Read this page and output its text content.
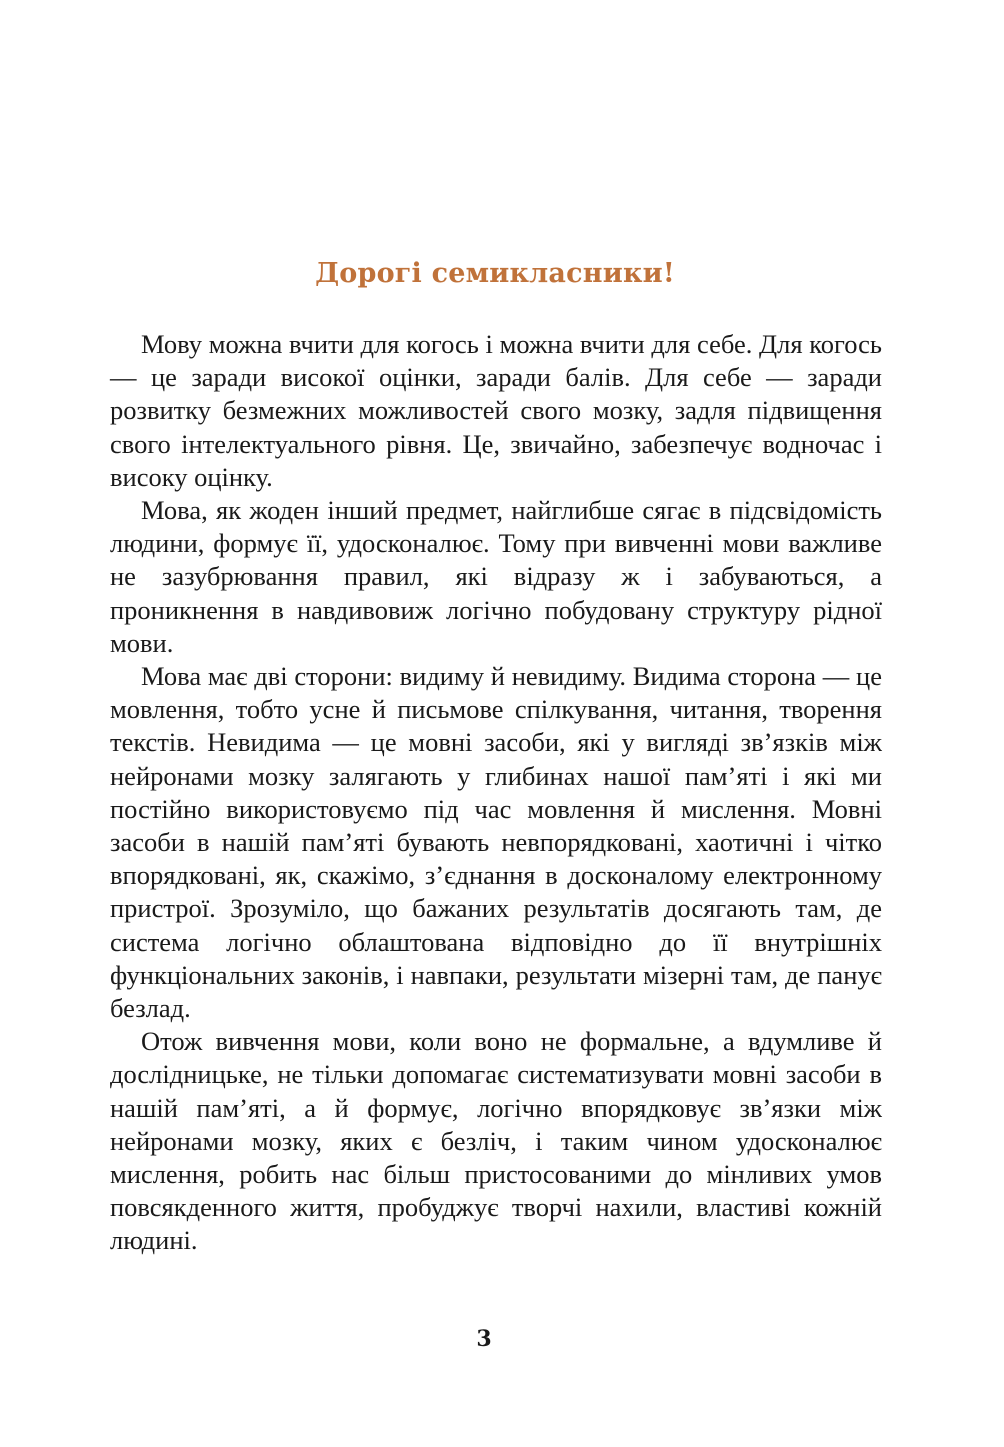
Дорогі семикласники!

Мову можна вчити для когось і можна вчити для себе. Для когось — це заради високої оцінки, заради балів. Для себе — заради розвитку безмежних можливостей свого мозку, задля підвищення свого інтелектуального рівня. Це, звичайно, забезпечує водночас і високу оцінку.

Мова, як жоден інший предмет, найглибше сягає в підсвідомість людини, формує її, удосконалює. Тому при вивченні мови важливе не зазубрювання правил, які відразу ж і забуваються, а проникнення в навдивовиж логічно побудовану структуру рідної мови.

Мова має дві сторони: видиму й невидиму. Видима сторона — це мовлення, тобто усне й письмове спілкування, читання, творення текстів. Невидима — це мовні засоби, які у вигляді зв’язків між нейронами мозку залягають у глибинах нашої пам’яті і які ми постійно використовуємо під час мовлення й мислення. Мовні засоби в нашій пам’яті бувають невпорядковані, хаотичні і чітко впорядковані, як, скажімо, з’єднання в досконалому електронному пристрої. Зрозуміло, що бажаних результатів досягають там, де система логічно облаштована відповідно до її внутрішніх функціональних законів, і навпаки, результати мізерні там, де панує безлад.

Отож вивчення мови, коли воно не формальне, а вдумливе й дослідницьке, не тільки допомагає систематизувати мовні засоби в нашій пам’яті, а й формує, логічно впорядковує зв’язки між нейронами мозку, яких є безліч, і таким чином удосконалює мислення, робить нас більш пристосованими до мінливих умов повсякденного життя, пробуджує творчі нахили, властиві кожній людині.

3
